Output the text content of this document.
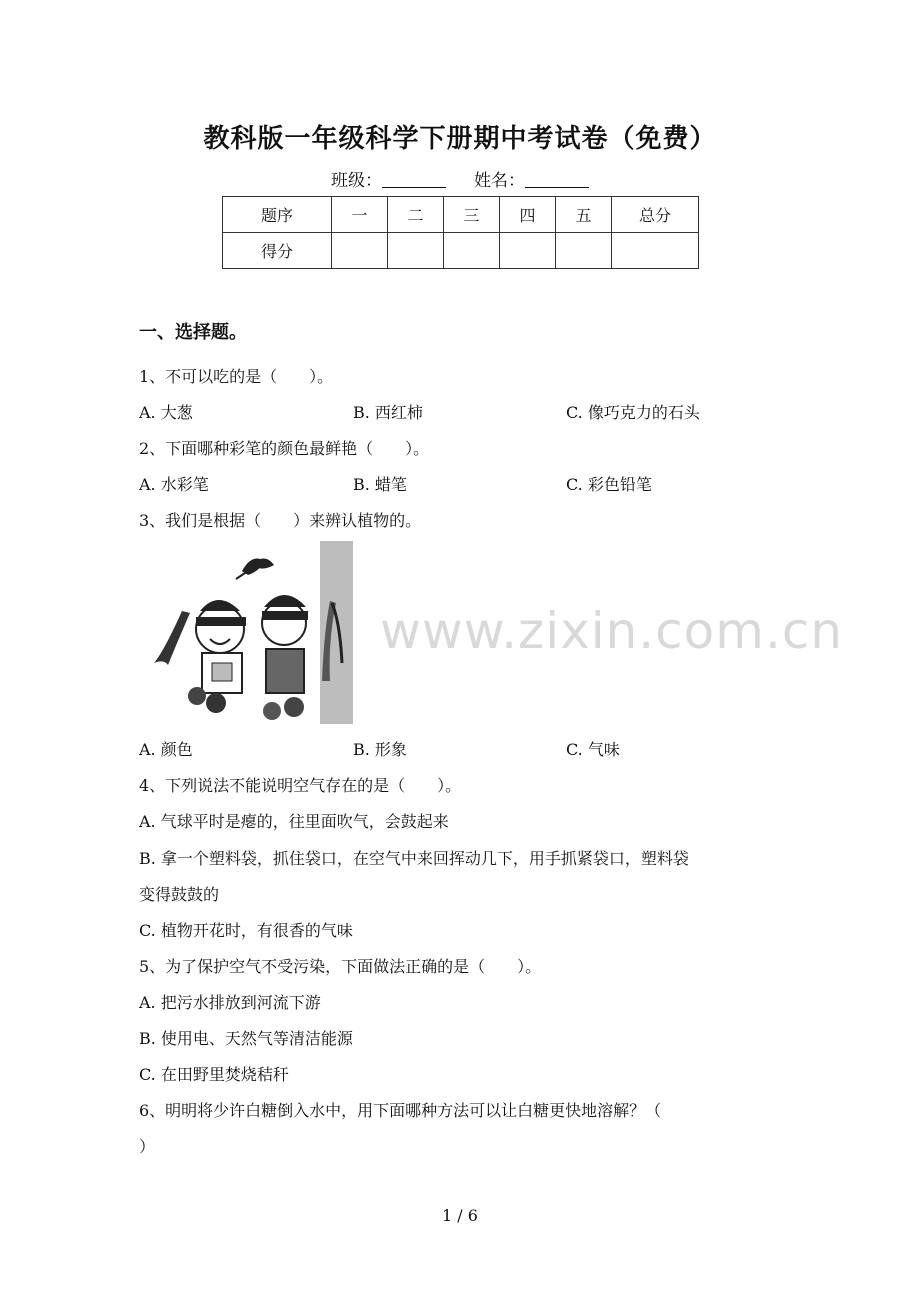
教科版一年级科学下册期中考试卷（免费）
班级：	姓名：
题序	一	二	三	四	五	总分
得分						
一、选择题。
1、不可以吃的是（　　）。
A. 大葱	B. 西红柿	C. 像巧克力的石头
2、下面哪种彩笔的颜色最鲜艳（　　）。
A. 水彩笔	B. 蜡笔	C. 彩色铅笔
3、我们是根据（　　）来辨认植物的。
www.zixin.com.cn
A. 颜色	B. 形象	C. 气味
4、下列说法不能说明空气存在的是（　　）。
A. 气球平时是瘪的，往里面吹气，会鼓起来
B. 拿一个塑料袋，抓住袋口，在空气中来回挥动几下，用手抓紧袋口，塑料袋
变得鼓鼓的
C. 植物开花时，有很香的气味
5、为了保护空气不受污染，下面做法正确的是（　　）。
A. 把污水排放到河流下游
B. 使用电、天然气等清洁能源
C. 在田野里焚烧秸秆
6、明明将少许白糖倒入水中，用下面哪种方法可以让白糖更快地溶解？（
）
1 / 6
